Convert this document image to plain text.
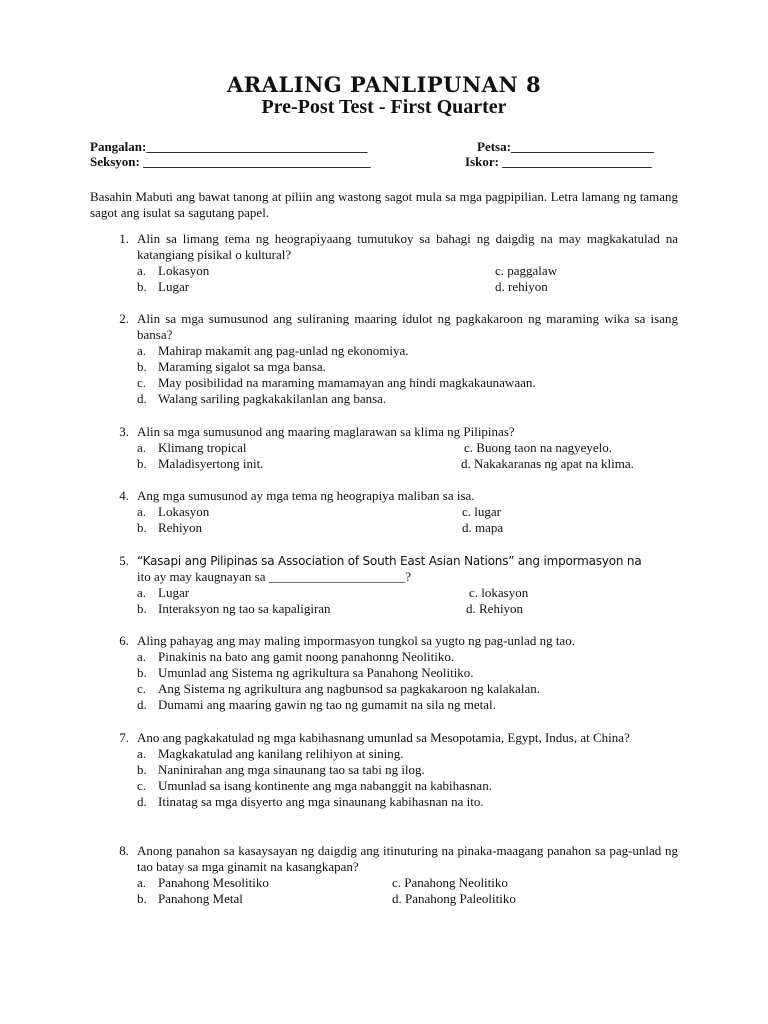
ARALING PANLIPUNAN 8
Pre-Post Test - First Quarter
Pangalan:__________________________________	Petsa:______________________
Seksyon: ___________________________________	Iskor: _______________________
Basahin Mabuti ang bawat tanong at piliin ang wastong sagot mula sa mga pagpipilian. Letra lamang ng tamang sagot ang isulat sa sagutang papel.
1. Alin sa limang tema ng heograpiyaang tumutukoy sa bahagi ng daigdig na may magkakatulad na katangiang pisikal o kultural?
a. Lokasyon	c. paggalaw
b. Lugar	d. rehiyon
2. Alin sa mga sumusunod ang suliraning maaring idulot ng pagkakaroon ng maraming wika sa isang bansa?
a. Mahirap makamit ang pag-unlad ng ekonomiya.
b. Maraming sigalot sa mga bansa.
c. May posibilidad na maraming mamamayan ang hindi magkakaunawaan.
d. Walang sariling pagkakakilanlan ang bansa.
3. Alin sa mga sumusunod ang maaring maglarawan sa klima ng Pilipinas?
a. Klimang tropical	c. Buong taon na nagyeyelo.
b. Maladisyertong init.	d. Nakakaranas ng apat na klima.
4. Ang mga sumusunod ay mga tema ng heograpiya maliban sa isa.
a. Lokasyon	c. lugar
b. Rehiyon	d. mapa
5. “Kasapi ang Pilipinas sa Association of South East Asian Nations” ang impormasyon na
ito ay may kaugnayan sa _____________________?
a. Lugar	c. lokasyon
b. Interaksyon ng tao sa kapaligiran	d. Rehiyon
6. Aling pahayag ang may maling impormasyon tungkol sa yugto ng pag-unlad ng tao.
a. Pinakinis na bato ang gamit noong panahonng Neolitiko.
b. Umunlad ang Sistema ng agrikultura sa Panahong Neolitiko.
c. Ang Sistema ng agrikultura ang nagbunsod sa pagkakaroon ng kalakalan.
d. Dumami ang maaring gawin ng tao ng gumamit na sila ng metal.
7. Ano ang pagkakatulad ng mga kabihasnang umunlad sa Mesopotamia, Egypt, Indus, at China?
a. Magkakatulad ang kanilang relihiyon at sining.
b. Naninirahan ang mga sinaunang tao sa tabi ng ilog.
c. Umunlad sa isang kontinente ang mga nabanggit na kabihasnan.
d. Itinatag sa mga disyerto ang mga sinaunang kabihasnan na ito.
8. Anong panahon sa kasaysayan ng daigdig ang itinuturing na pinaka-maagang panahon sa pag-unlad ng tao batay sa mga ginamit na kasangkapan?
a. Panahong Mesolitiko	c. Panahong Neolitiko
b. Panahong Metal	d. Panahong Paleolitiko
